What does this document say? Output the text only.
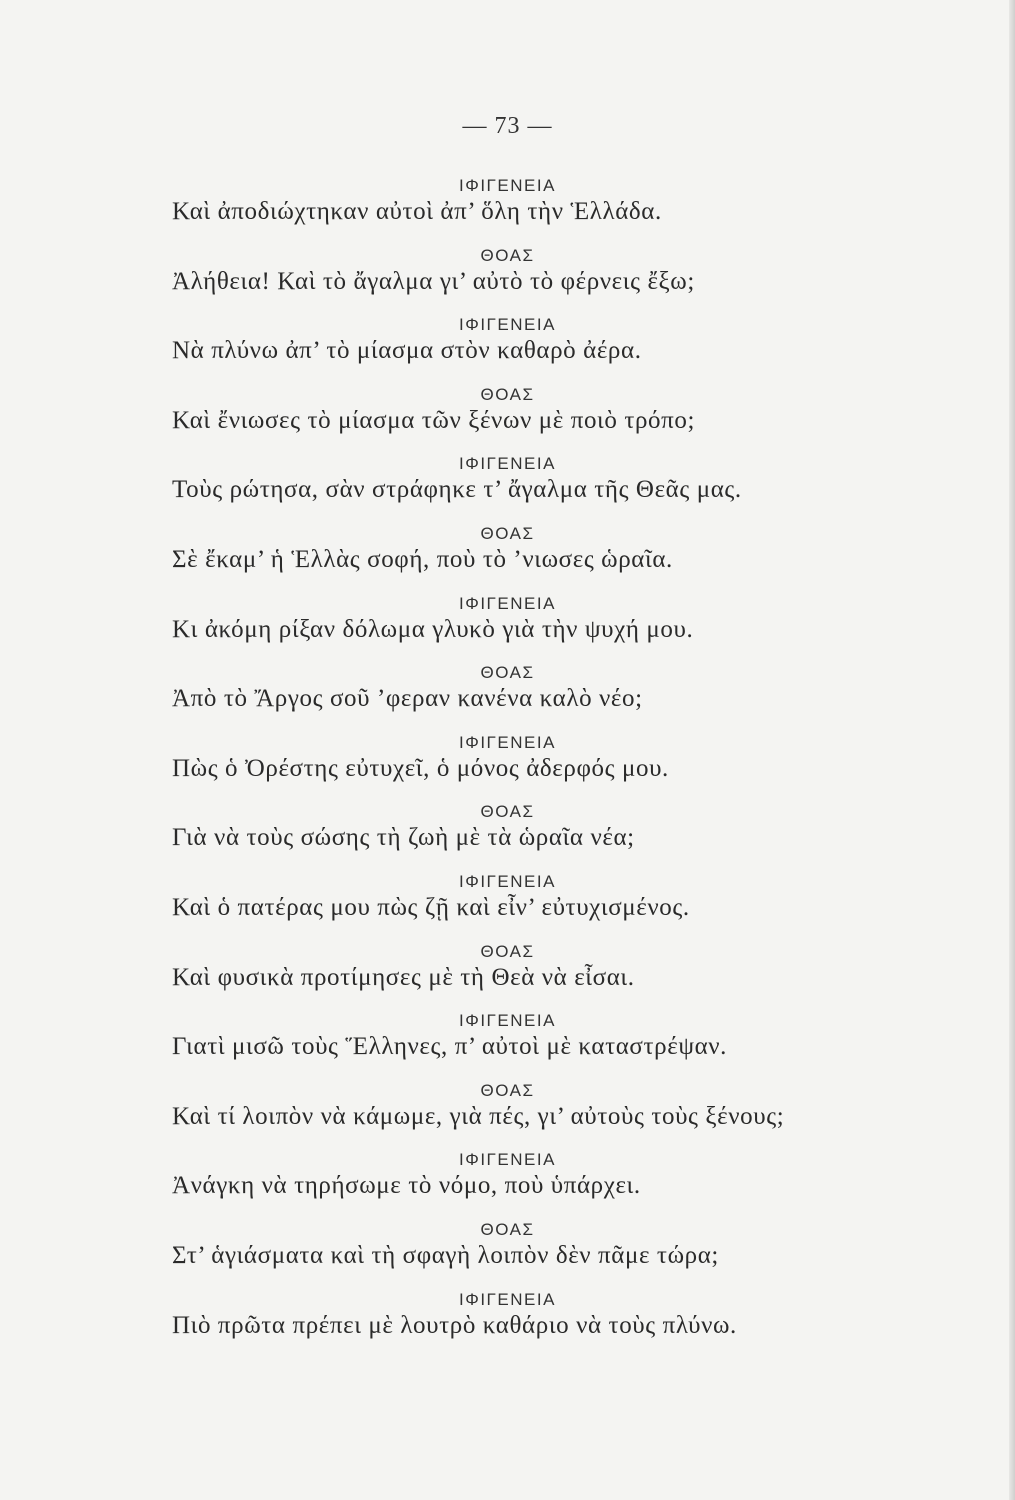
— 73 —
ΙΦΙΓΕΝΕΙΑ
Καὶ ἀποδιώχτηκαν αὐτοὶ ἀπ’ ὅλη τὴν Ἑλλάδα.
ΘΟΑΣ
Ἀλήθεια! Καὶ τὸ ἄγαλμα γι’ αὐτὸ τὸ φέρνεις ἔξω;
ΙΦΙΓΕΝΕΙΑ
Νὰ πλύνω ἀπ’ τὸ μίασμα στὸν καθαρὸ ἀέρα.
ΘΟΑΣ
Καὶ ἔνιωσες τὸ μίασμα τῶν ξένων μὲ ποιὸ τρόπο;
ΙΦΙΓΕΝΕΙΑ
Τοὺς ρώτησα, σὰν στράφηκε τ’ ἄγαλμα τῆς Θεᾶς μας.
ΘΟΑΣ
Σὲ ἔκαμ’ ἡ Ἑλλὰς σοφή, ποὺ τὸ ’νιωσες ὡραῖα.
ΙΦΙΓΕΝΕΙΑ
Κι ἀκόμη ρίξαν δόλωμα γλυκὸ γιὰ τὴν ψυχή μου.
ΘΟΑΣ
Ἀπὸ τὸ Ἄργος σοῦ ’φεραν κανένα καλὸ νέο;
ΙΦΙΓΕΝΕΙΑ
Πὼς ὁ Ὀρέστης εὐτυχεῖ, ὁ μόνος ἀδερφός μου.
ΘΟΑΣ
Γιὰ νὰ τοὺς σώσης τὴ ζωὴ μὲ τὰ ὡραῖα νέα;
ΙΦΙΓΕΝΕΙΑ
Καὶ ὁ πατέρας μου πὼς ζῇ καὶ εἶν’ εὐτυχισμένος.
ΘΟΑΣ
Καὶ φυσικὰ προτίμησες μὲ τὴ Θεὰ νὰ εἶσαι.
ΙΦΙΓΕΝΕΙΑ
Γιατὶ μισῶ τοὺς Ἕλληνες, π’ αὐτοὶ μὲ καταστρέψαν.
ΘΟΑΣ
Καὶ τί λοιπὸν νὰ κάμωμε, γιὰ πές, γι’ αὐτοὺς τοὺς ξένους;
ΙΦΙΓΕΝΕΙΑ
Ἀνάγκη νὰ τηρήσωμε τὸ νόμο, ποὺ ὑπάρχει.
ΘΟΑΣ
Στ’ ἁγιάσματα καὶ τὴ σφαγὴ λοιπὸν δὲν πᾶμε τώρα;
ΙΦΙΓΕΝΕΙΑ
Πιὸ πρῶτα πρέπει μὲ λουτρὸ καθάριο νὰ τοὺς πλύνω.
